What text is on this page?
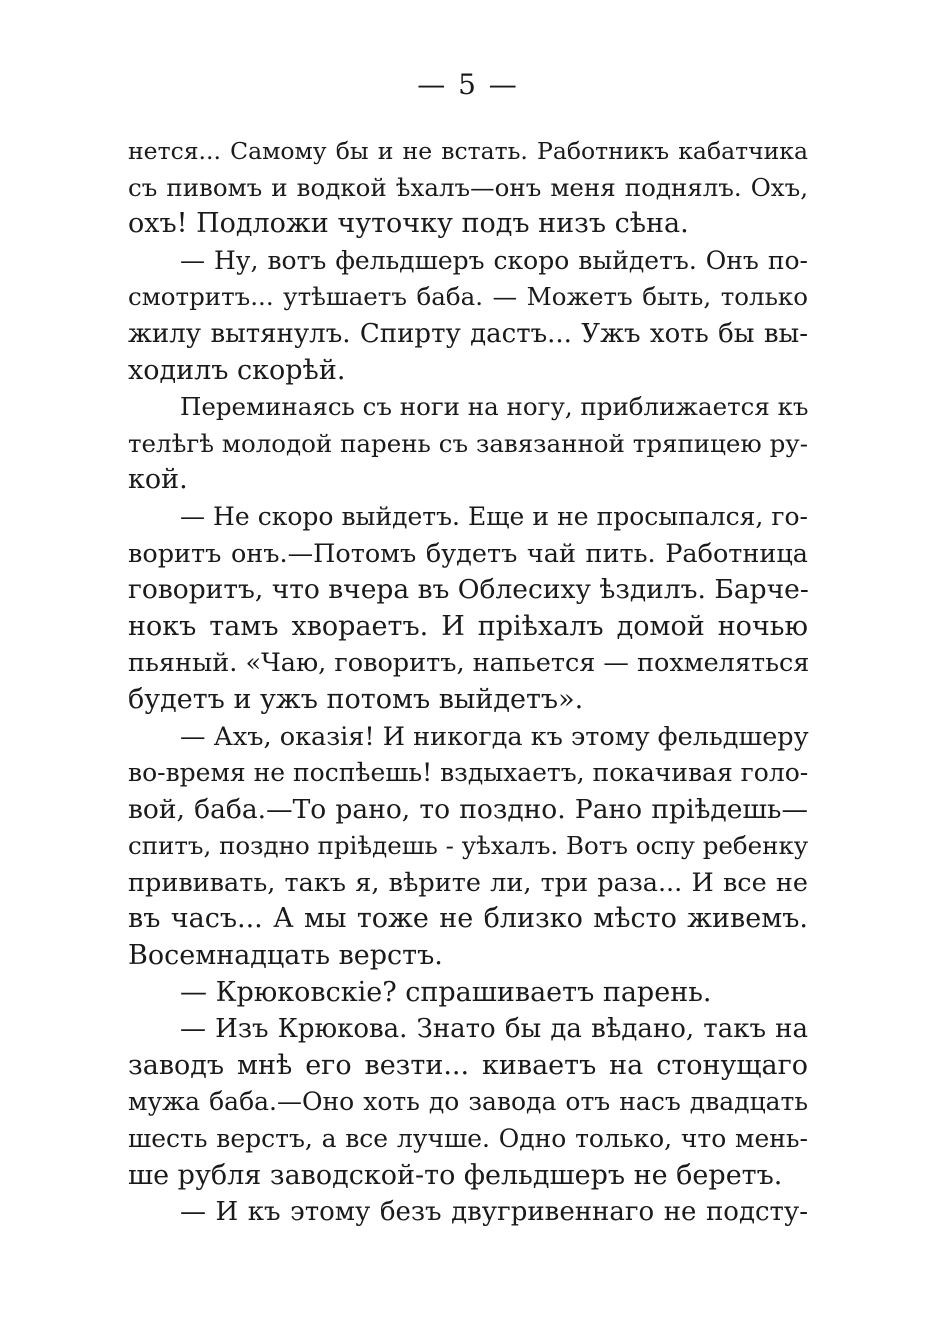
— 5 —
нется... Самому бы и не встать. Работникъ кабатчика
съ пивомъ и водкой ѣхалъ—онъ меня поднялъ. Охъ,
охъ! Подложи чуточку подъ низъ сѣна.
— Ну, вотъ фельдшеръ скоро выйдетъ. Онъ по-
смотритъ... утѣшаетъ баба. — Можетъ быть, только
жилу вытянулъ. Спирту дастъ... Ужъ хоть бы вы-
ходилъ скорѣй.
Переминаясь съ ноги на ногу, приближается къ
телѣгѣ молодой парень съ завязанной тряпицею ру-
кой.
— Не скоро выйдетъ. Еще и не просыпался, го-
воритъ онъ.—Потомъ будетъ чай пить. Работница
говоритъ, что вчера въ Облесиху ѣздилъ. Барче-
нокъ тамъ хвораетъ. И пріѣхалъ домой ночью
пьяный. «Чаю, говоритъ, напьется — похмеляться
будетъ и ужъ потомъ выйдетъ».
— Ахъ, оказія! И никогда къ этому фельдшеру
во-время не поспѣешь! вздыхаетъ, покачивая голо-
вой, баба.—То рано, то поздно. Рано пріѣдешь—
спитъ, поздно пріѣдешь - уѣхалъ. Вотъ оспу ребенку
прививать, такъ я, вѣрите ли, три раза... И все не
въ часъ... А мы тоже не близко мѣсто живемъ.
Восемнадцать верстъ.
— Крюковскіе? спрашиваетъ парень.
— Изъ Крюкова. Знато бы да вѣдано, такъ на
заводъ мнѣ его везти... киваетъ на стонущаго
мужа баба.—Оно хоть до завода отъ насъ двадцать
шесть верстъ, а все лучше. Одно только, что мень-
ше рубля заводской-то фельдшеръ не беретъ.
— И къ этому безъ двугривеннаго не подсту-
